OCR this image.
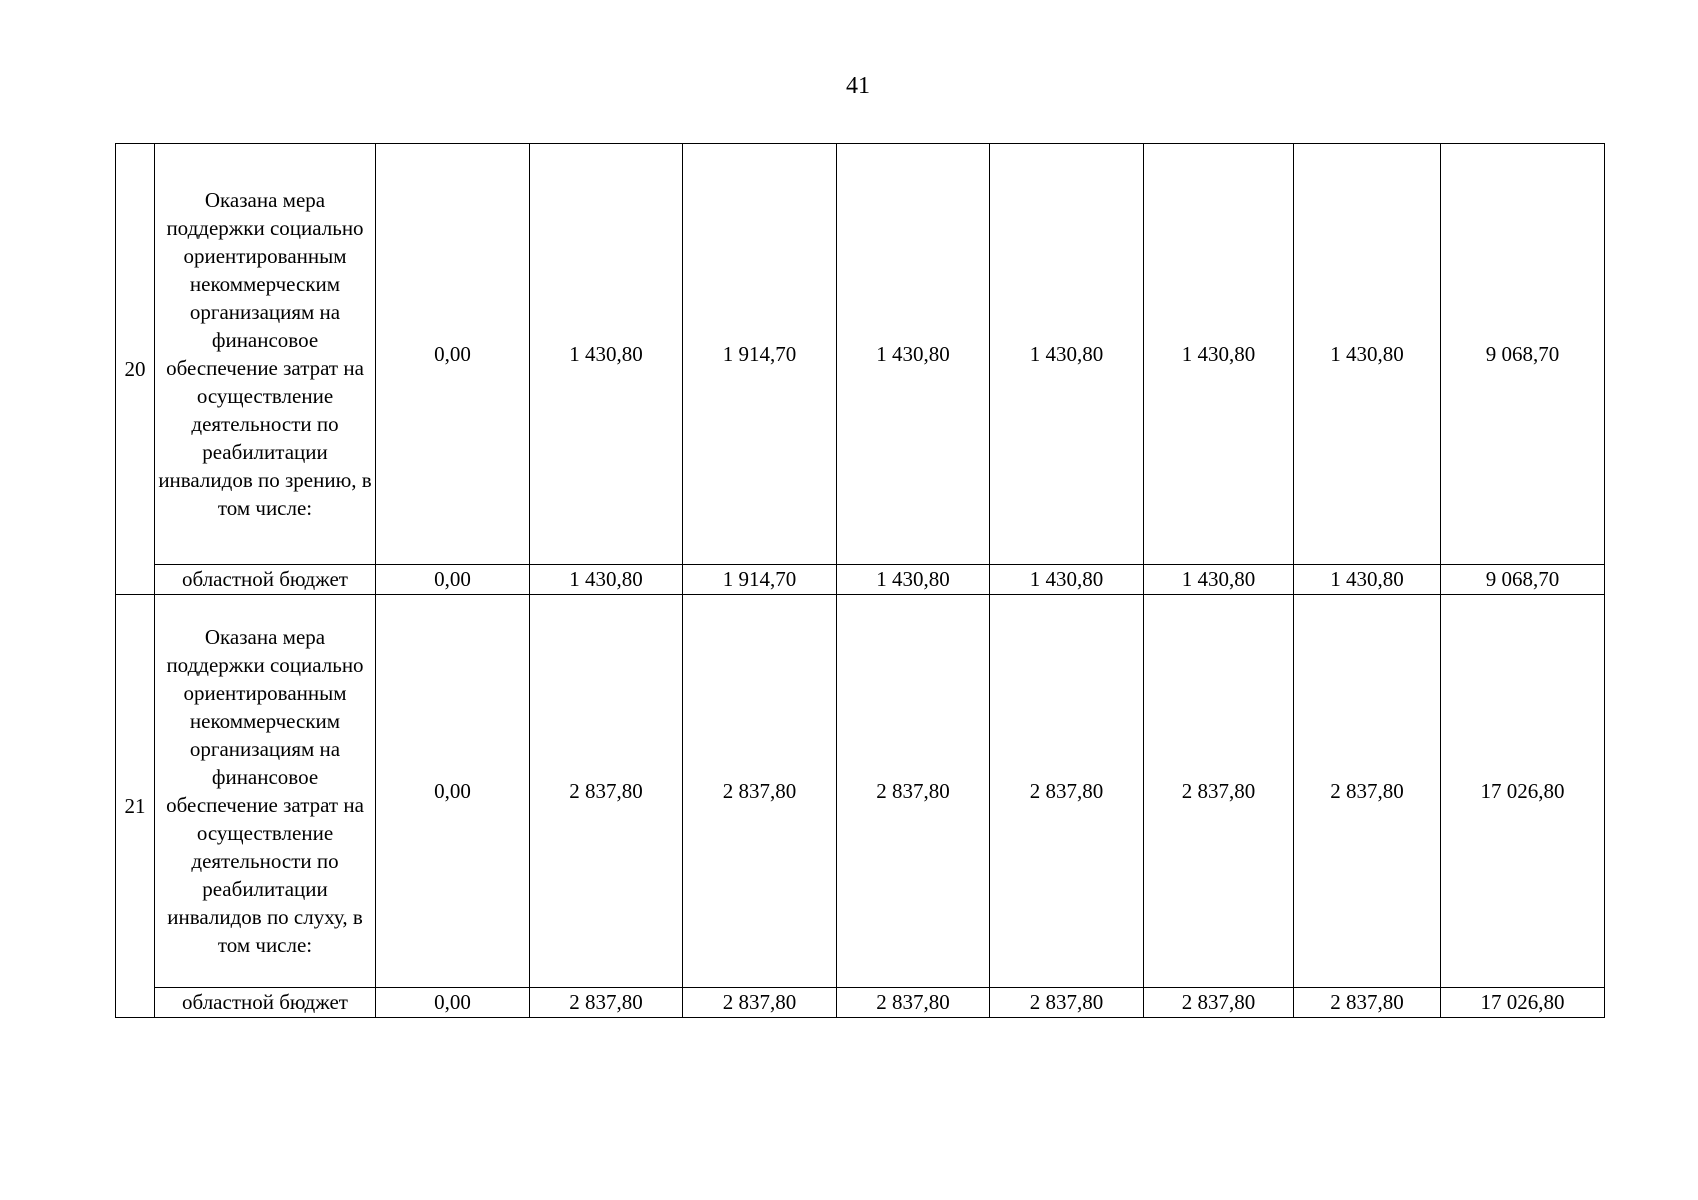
41
20	Оказана мера поддержки социально ориентированным некоммерческим организациям на финансовое обеспечение затрат на осуществление деятельности по реабилитации инвалидов по зрению, в том числе:	0,00	1 430,80	1 914,70	1 430,80	1 430,80	1 430,80	1 430,80	9 068,70
	областной бюджет	0,00	1 430,80	1 914,70	1 430,80	1 430,80	1 430,80	1 430,80	9 068,70
21	Оказана мера поддержки социально ориентированным некоммерческим организациям на финансовое обеспечение затрат на осуществление деятельности по реабилитации инвалидов по слуху, в том числе:	0,00	2 837,80	2 837,80	2 837,80	2 837,80	2 837,80	2 837,80	17 026,80
	областной бюджет	0,00	2 837,80	2 837,80	2 837,80	2 837,80	2 837,80	2 837,80	17 026,80
